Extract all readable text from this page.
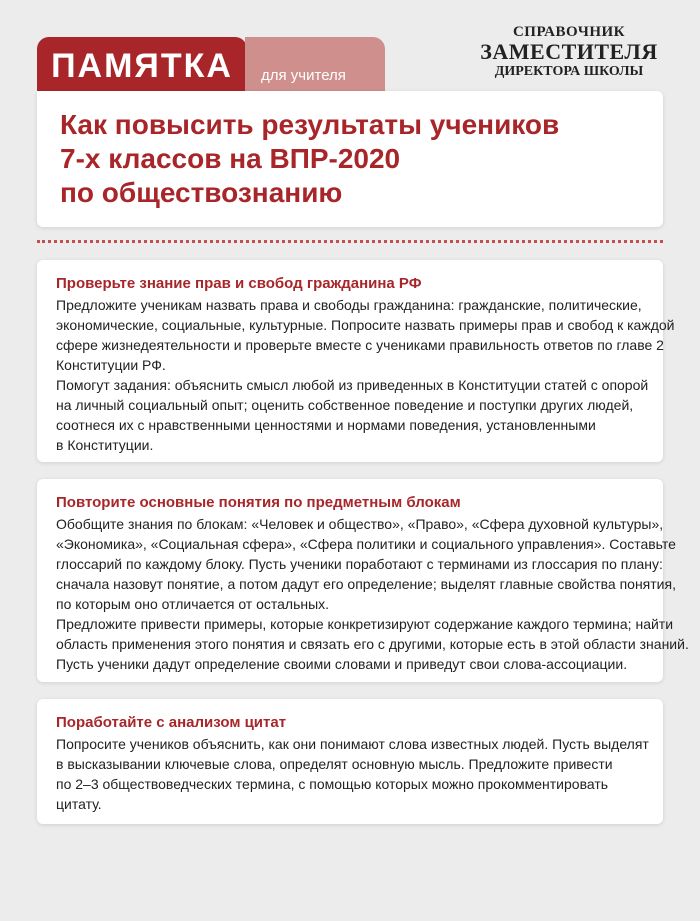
ПАМЯТКА	для учителя
СПРАВОЧНИК
ЗАМЕСТИТЕЛЯ
ДИРЕКТОРА ШКОЛЫ
Как повысить результаты учеников
7-х классов на ВПР-2020
по обществознанию
Проверьте знание прав и свобод гражданина РФ
Предложите ученикам назвать права и свободы гражданина: гражданские, политические,
экономические, социальные, культурные. Попросите назвать примеры прав и свобод к каждой
сфере жизнедеятельности и проверьте вместе с учениками правильность ответов по главе 2
Конституции РФ.
Помогут задания: объяснить смысл любой из приведенных в Конституции статей с опорой
на личный социальный опыт; оценить собственное поведение и поступки других людей,
соотнеся их с нравственными ценностями и нормами поведения, установленными
в Конституции.
Повторите основные понятия по предметным блокам
Обобщите знания по блокам: «Человек и общество», «Право», «Сфера духовной культуры»,
«Экономика», «Социальная сфера», «Сфера политики и социального управления». Составьте
глоссарий по каждому блоку. Пусть ученики поработают с терминами из глоссария по плану:
сначала назовут понятие, а потом дадут его определение; выделят главные свойства понятия,
по которым оно отличается от остальных.
Предложите привести примеры, которые конкретизируют содержание каждого термина; найти
область применения этого понятия и связать его с другими, которые есть в этой области знаний.
Пусть ученики дадут определение своими словами и приведут свои слова-ассоциации.
Поработайте с анализом цитат
Попросите учеников объяснить, как они понимают слова известных людей. Пусть выделят
в высказывании ключевые слова, определят основную мысль. Предложите привести
по 2–3 обществоведческих термина, с помощью которых можно прокомментировать
цитату.
